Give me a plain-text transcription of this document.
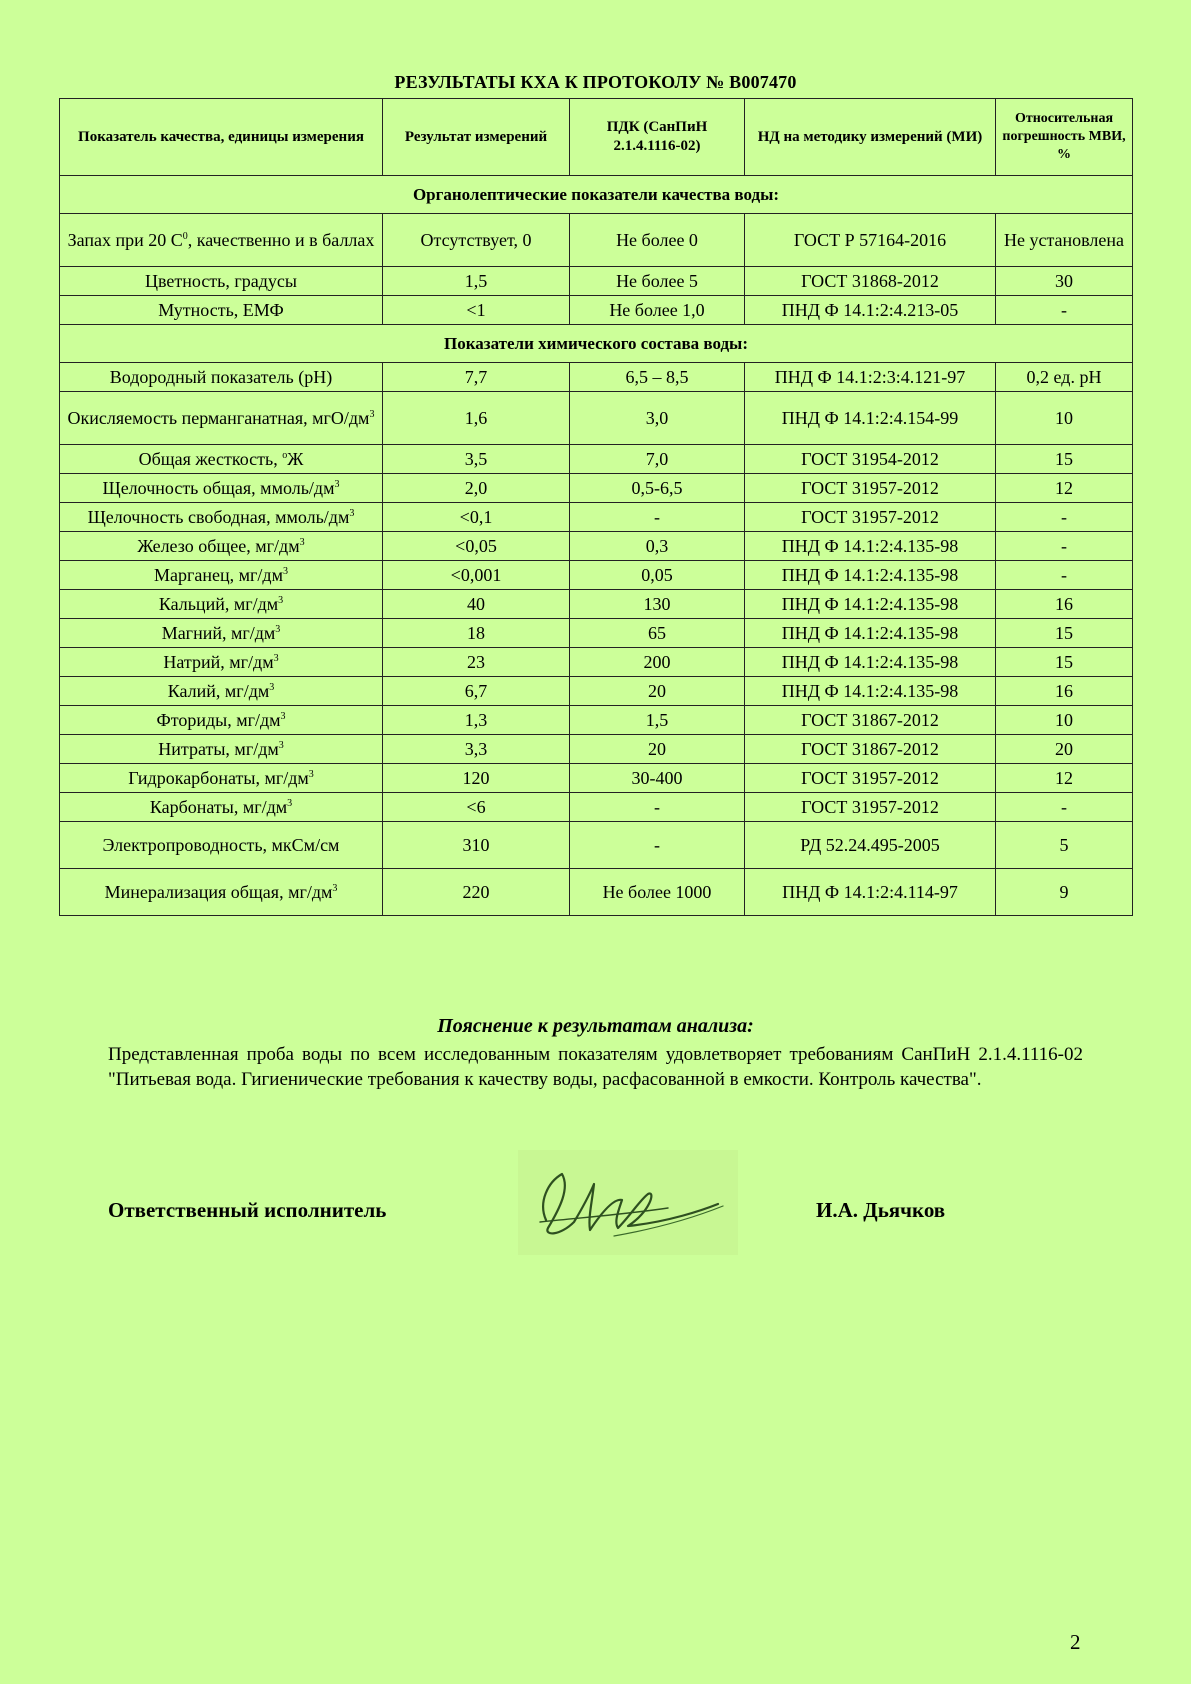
РЕЗУЛЬТАТЫ КХА К ПРОТОКОЛУ № В007470
Показатель качества, единицы измерения	Результат измерений	ПДК (СанПиН 2.1.4.1116-02)	НД на методику измерений (МИ)	Относительная погрешность МВИ, %
Органолептические показатели качества воды:				
Запах при 20 $С^0$, качественно и в баллах	Отсутствует, 0	Не более 0	ГОСТ Р 57164-2016	Не установлена
Цветность, градусы	1,5	Не более 5	ГОСТ 31868-2012	30
Мутность, ЕМФ	<1	Не более 1,0	ПНД Ф 14.1:2:4.213-05	-
Показатели химического состава воды:				
Водородный показатель (pH)	7,7	6,5 – 8,5	ПНД Ф 14.1:2:3:4.121-97	0,2 ед. pH
Окисляемость перманганатная, мгО/$дм^3$	1,6	3,0	ПНД Ф 14.1:2:4.154-99	10
Общая жесткость, $^о$Ж	3,5	7,0	ГОСТ 31954-2012	15
Щелочность общая, ммоль/$дм^3$	2,0	0,5-6,5	ГОСТ 31957-2012	12
Щелочность свободная, ммоль/$дм^3$	<0,1	-	ГОСТ 31957-2012	-
Железо общее, $мг/дм^3$	<0,05	0,3	ПНД Ф 14.1:2:4.135-98	-
Марганец, $мг/дм^3$	<0,001	0,05	ПНД Ф 14.1:2:4.135-98	-
Кальций, $мг/дм^3$	40	130	ПНД Ф 14.1:2:4.135-98	16
Магний, $мг/дм^3$	18	65	ПНД Ф 14.1:2:4.135-98	15
Натрий, $мг/дм^3$	23	200	ПНД Ф 14.1:2:4.135-98	15
Калий, $мг/дм^3$	6,7	20	ПНД Ф 14.1:2:4.135-98	16
Фториды, $мг/дм^3$	1,3	1,5	ГОСТ 31867-2012	10
Нитраты, $мг/дм^3$	3,3	20	ГОСТ 31867-2012	20
Гидрокарбонаты, $мг/дм^3$	120	30-400	ГОСТ 31957-2012	12
Карбонаты, $мг/дм^3$	<6	-	ГОСТ 31957-2012	-
Электропроводность, мкСм/см	310	-	РД 52.24.495-2005	5
Минерализация общая, $мг/дм^3$	220	Не более 1000	ПНД Ф 14.1:2:4.114-97	9
Пояснение к результатам анализа:
Представленная проба воды по всем исследованным показателям удовлетворяет требованиям СанПиН 2.1.4.1116-02 "Питьевая вода. Гигиенические требования к качеству воды, расфасованной в емкости. Контроль качества".
Ответственный исполнитель	И.А. Дьячков
2
